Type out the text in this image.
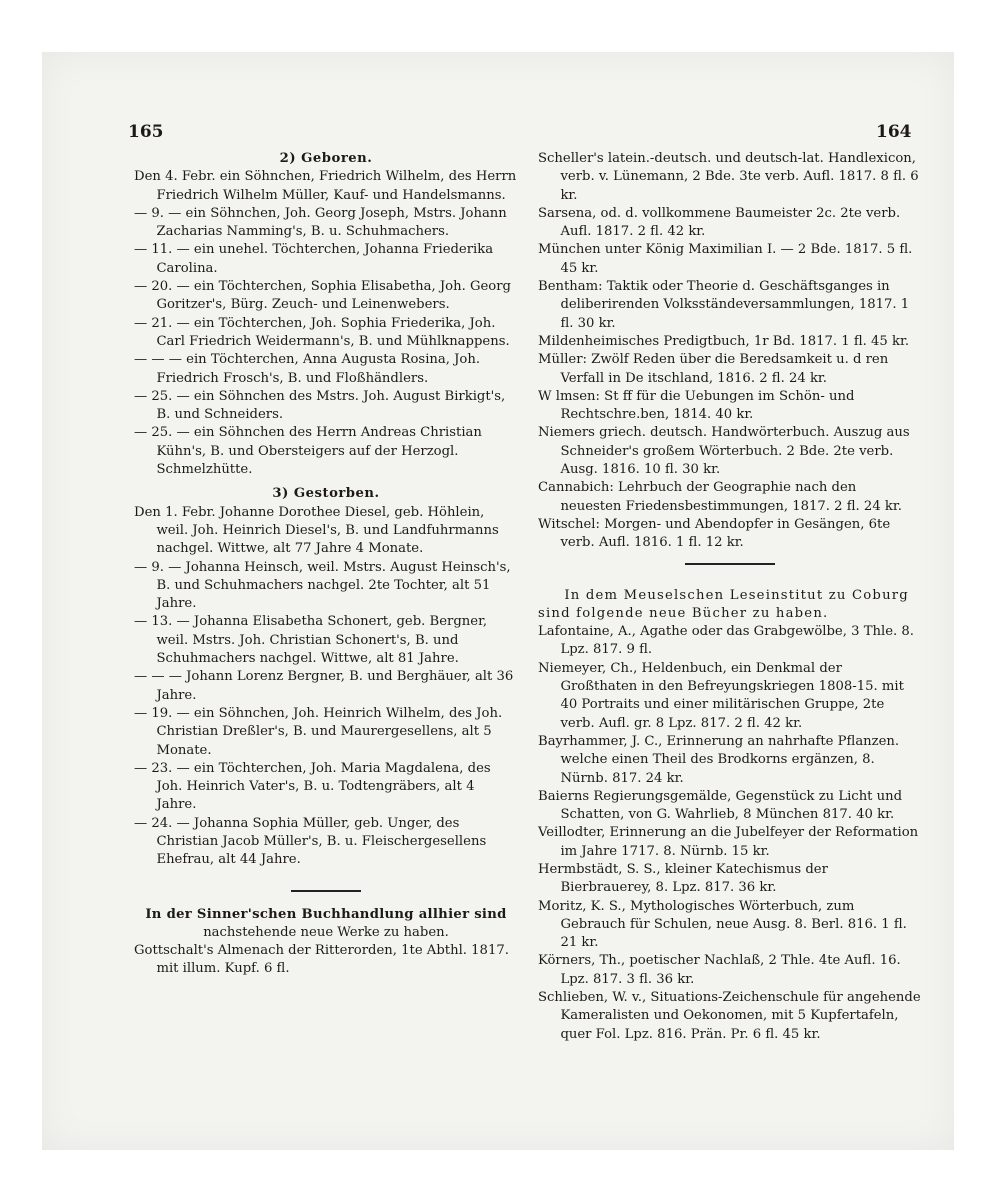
165	164
2) Geboren.

Den 4. Febr. ein Söhnchen, Friedrich Wilhelm, des Herrn Friedrich Wilhelm Müller, Kauf- und Handelsmanns.

— 9. — ein Söhnchen, Joh. Georg Joseph, Mstrs. Johann Zacharias Namming's, B. u. Schuhmachers.

— 11. — ein unehel. Töchterchen, Johanna Friederika Carolina.

— 20. — ein Töchterchen, Sophia Elisabetha, Joh. Georg Goritzer's, Bürg. Zeuch- und Leinenwebers.

— 21. — ein Töchterchen, Joh. Sophia Friederika, Joh. Carl Friedrich Weidermann's, B. und Mühlknappens.

— — — ein Töchterchen, Anna Augusta Rosina, Joh. Friedrich Frosch's, B. und Floßhändlers.

— 25. — ein Söhnchen des Mstrs. Joh. August Birkigt's, B. und Schneiders.

— 25. — ein Söhnchen des Herrn Andreas Christian Kühn's, B. und Obersteigers auf der Herzogl. Schmelzhütte.

3) Gestorben.

Den 1. Febr. Johanne Dorothee Diesel, geb. Höhlein, weil. Joh. Heinrich Diesel's, B. und Landfuhrmanns nachgel. Wittwe, alt 77 Jahre 4 Monate.

— 9. — Johanna Heinsch, weil. Mstrs. August Heinsch's, B. und Schuhmachers nachgel. 2te Tochter, alt 51 Jahre.

— 13. — Johanna Elisabetha Schonert, geb. Bergner, weil. Mstrs. Joh. Christian Schonert's, B. und Schuhmachers nachgel. Wittwe, alt 81 Jahre.

— — — Johann Lorenz Bergner, B. und Berghäuer, alt 36 Jahre.

— 19. — ein Söhnchen, Joh. Heinrich Wilhelm, des Joh. Christian Dreßler's, B. und Maurergesellens, alt 5 Monate.

— 23. — ein Töchterchen, Joh. Maria Magdalena, des Joh. Heinrich Vater's, B. u. Todtengräbers, alt 4 Jahre.

— 24. — Johanna Sophia Müller, geb. Unger, des Christian Jacob Müller's, B. u. Fleischergesellens Ehefrau, alt 44 Jahre.

In der Sinner'schen Buchhandlung allhier sind
nachstehende neue Werke zu haben.

Gottschalt's Almenach der Ritterorden, 1te Abthl. 1817. mit illum. Kupf. 6 fl.

Scheller's latein.-deutsch. und deutsch-lat. Handlexicon, verb. v. Lünemann, 2 Bde. 3te verb. Aufl. 1817. 8 fl. 6 kr.

Sarsena, od. d. vollkommene Baumeister 2c. 2te verb. Aufl. 1817. 2 fl. 42 kr.

München unter König Maximilian I. — 2 Bde. 1817. 5 fl. 45 kr.

Bentham: Taktik oder Theorie d. Geschäftsganges in deliberirenden Volksständeversammlungen, 1817. 1 fl. 30 kr.

Mildenheimisches Predigtbuch, 1r Bd. 1817. 1 fl. 45 kr.

Müller: Zwölf Reden über die Beredsamkeit u. d ren Verfall in De itschland, 1816. 2 fl. 24 kr.

W lmsen: St ff für die Uebungen im Schön- und Rechtschre.ben, 1814. 40 kr.

Niemers griech. deutsch. Handwörterbuch. Auszug aus Schneider's großem Wörterbuch. 2 Bde. 2te verb. Ausg. 1816. 10 fl. 30 kr.

Cannabich: Lehrbuch der Geographie nach den neuesten Friedensbestimmungen, 1817. 2 fl. 24 kr.

Witschel: Morgen- und Abendopfer in Gesängen, 6te verb. Aufl. 1816. 1 fl. 12 kr.

In dem Meuselschen Leseinstitut zu Coburg sind folgende neue Bücher zu haben.

Lafontaine, A., Agathe oder das Grabgewölbe, 3 Thle. 8. Lpz. 817. 9 fl.

Niemeyer, Ch., Heldenbuch, ein Denkmal der Großthaten in den Befreyungskriegen 1808-15. mit 40 Portraits und einer militärischen Gruppe, 2te verb. Aufl. gr. 8 Lpz. 817. 2 fl. 42 kr.

Bayrhammer, J. C., Erinnerung an nahrhafte Pflanzen. welche einen Theil des Brodkorns ergänzen, 8. Nürnb. 817. 24 kr.

Baierns Regierungsgemälde, Gegenstück zu Licht und Schatten, von G. Wahrlieb, 8 München 817. 40 kr.

Veillodter, Erinnerung an die Jubelfeyer der Reformation im Jahre 1717. 8. Nürnb. 15 kr.

Hermbstädt, S. S., kleiner Katechismus der Bierbrauerey, 8. Lpz. 817. 36 kr.

Moritz, K. S., Mythologisches Wörterbuch, zum Gebrauch für Schulen, neue Ausg. 8. Berl. 816. 1 fl. 21 kr.

Körners, Th., poetischer Nachlaß, 2 Thle. 4te Aufl. 16. Lpz. 817. 3 fl. 36 kr.

Schlieben, W. v., Situations-Zeichenschule für angehende Kameralisten und Oekonomen, mit 5 Kupfertafeln, quer Fol. Lpz. 816. Prän. Pr. 6 fl. 45 kr.
